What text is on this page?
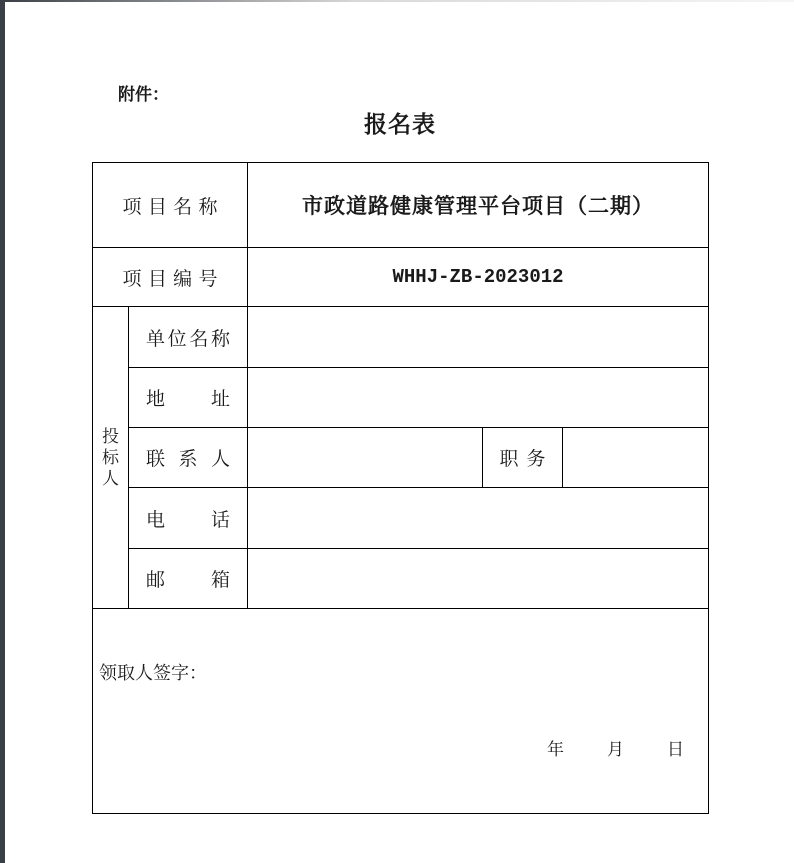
附件：
报名表
项 目 名 称		市政道路健康管理平台项目（二期）		

项 目 编 号		WHHJ-ZB-2023012		

投
标
人	单 位 名 称			

	地 址			

	联 系 人		职 务	

	电 话			

	邮 箱			

领取人签字：
年 月 日				
